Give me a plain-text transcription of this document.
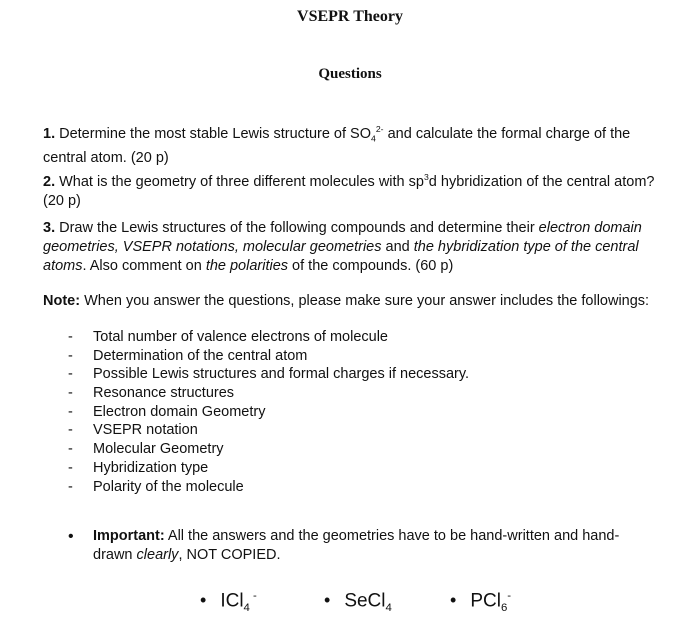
VSEPR Theory
Questions
1. Determine the most stable Lewis structure of $SO_4^{2-}$ and calculate the formal charge of the central atom. (20 p)
2. What is the geometry of three different molecules with $sp^3d$ hybridization of the central atom? (20 p)
3. Draw the Lewis structures of the following compounds and determine their electron domain geometries, VSEPR notations, molecular geometries and the hybridization type of the central atoms. Also comment on the polarities of the compounds. (60 p)
Note: When you answer the questions, please make sure your answer includes the followings:
- Total number of valence electrons of molecule
- Determination of the central atom
- Possible Lewis structures and formal charges if necessary.
- Resonance structures
- Electron domain Geometry
- VSEPR notation
- Molecular Geometry
- Hybridization type
- Polarity of the molecule
• Important: All the answers and the geometries have to be hand-written and hand-drawn clearly, NOT COPIED.
• ICl$_4$ -	• SeCl$_4$	• PCl$_6$-
